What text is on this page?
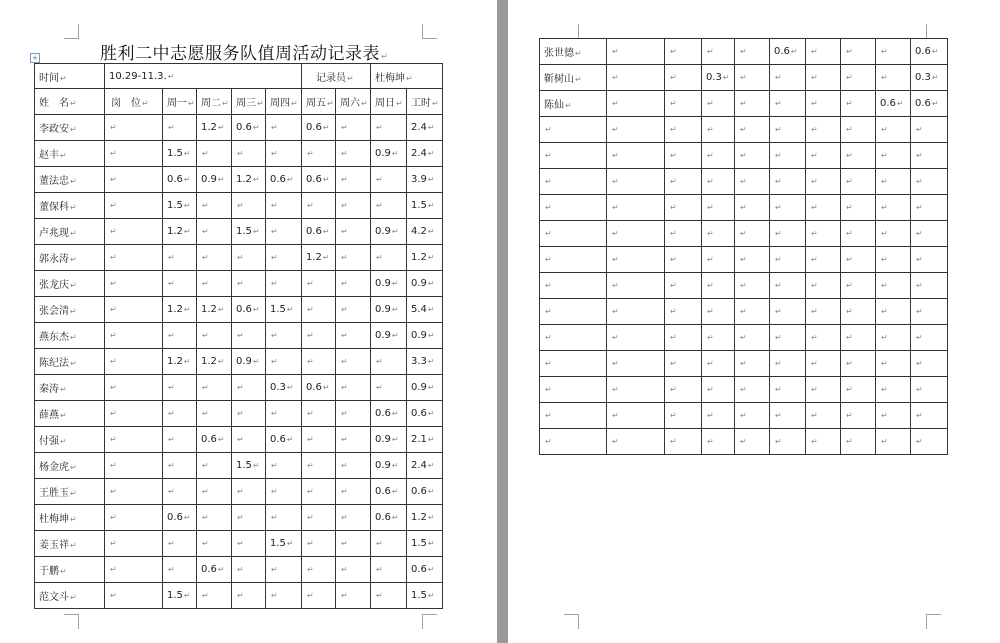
+	胜利二中志愿服务队值周活动记录表 ↵
时间 ↵	10.29-11.3. ↵					记录员 ↵		杜梅坤 ↵
姓　名 ↵	岗　位 ↵	周一 ↵	周二 ↵	周三 ↵	周四 ↵	周五 ↵	周六 ↵	周日 ↵	工时 ↵
李政安 ↵	↵	↵	1.2 ↵	0.6 ↵	↵	0.6 ↵	↵	↵	2.4 ↵
赵丰 ↵	↵	1.5 ↵	↵	↵	↵	↵	↵	0.9 ↵	2.4 ↵
董法忠 ↵	↵	0.6 ↵	0.9 ↵	1.2 ↵	0.6 ↵	0.6 ↵	↵	↵	3.9 ↵
董保科 ↵	↵	1.5 ↵	↵	↵	↵	↵	↵	↵	1.5 ↵
卢兆现 ↵	↵	1.2 ↵	↵	1.5 ↵	↵	0.6 ↵	↵	0.9 ↵	4.2 ↵
郭永涛 ↵	↵	↵	↵	↵	↵	1.2 ↵	↵	↵	1.2 ↵
张龙庆 ↵	↵	↵	↵	↵	↵	↵	↵	0.9 ↵	0.9 ↵
张会清 ↵	↵	1.2 ↵	1.2 ↵	0.6 ↵	1.5 ↵	↵	↵	0.9 ↵	5.4 ↵
燕东杰 ↵	↵	↵	↵	↵	↵	↵	↵	0.9 ↵	0.9 ↵
陈纪法 ↵	↵	1.2 ↵	1.2 ↵	0.9 ↵	↵	↵	↵	↵	3.3 ↵
秦涛 ↵	↵	↵	↵	↵	0.3 ↵	0.6 ↵	↵	↵	0.9 ↵
薛燕 ↵	↵	↵	↵	↵	↵	↵	↵	0.6 ↵	0.6 ↵
付强 ↵	↵	↵	0.6 ↵	↵	0.6 ↵	↵	↵	0.9 ↵	2.1 ↵
杨金虎 ↵	↵	↵	↵	1.5 ↵	↵	↵	↵	0.9 ↵	2.4 ↵
王胜玉 ↵	↵	↵	↵	↵	↵	↵	↵	0.6 ↵	0.6 ↵
杜梅坤 ↵	↵	0.6 ↵	↵	↵	↵	↵	↵	0.6 ↵	1.2 ↵
姜玉祥 ↵	↵	↵	↵	↵	1.5 ↵	↵	↵	↵	1.5 ↵
于鹏 ↵	↵	↵	0.6 ↵	↵	↵	↵	↵	↵	0.6 ↵
范文斗 ↵	↵	1.5 ↵	↵	↵	↵	↵	↵	↵	1.5 ↵
张世德 ↵	↵	↵	↵	↵	0.6 ↵	↵	↵	↵	0.6 ↵
靳树山 ↵	↵	↵	0.3 ↵	↵	↵	↵	↵	↵	0.3 ↵
陈仙 ↵	↵	↵	↵	↵	↵	↵	↵	0.6 ↵	0.6 ↵
↵	↵	↵	↵	↵	↵	↵	↵	↵	↵
↵	↵	↵	↵	↵	↵	↵	↵	↵	↵
↵	↵	↵	↵	↵	↵	↵	↵	↵	↵
↵	↵	↵	↵	↵	↵	↵	↵	↵	↵
↵	↵	↵	↵	↵	↵	↵	↵	↵	↵
↵	↵	↵	↵	↵	↵	↵	↵	↵	↵
↵	↵	↵	↵	↵	↵	↵	↵	↵	↵
↵	↵	↵	↵	↵	↵	↵	↵	↵	↵
↵	↵	↵	↵	↵	↵	↵	↵	↵	↵
↵	↵	↵	↵	↵	↵	↵	↵	↵	↵
↵	↵	↵	↵	↵	↵	↵	↵	↵	↵
↵	↵	↵	↵	↵	↵	↵	↵	↵	↵
↵	↵	↵	↵	↵	↵	↵	↵	↵	↵
